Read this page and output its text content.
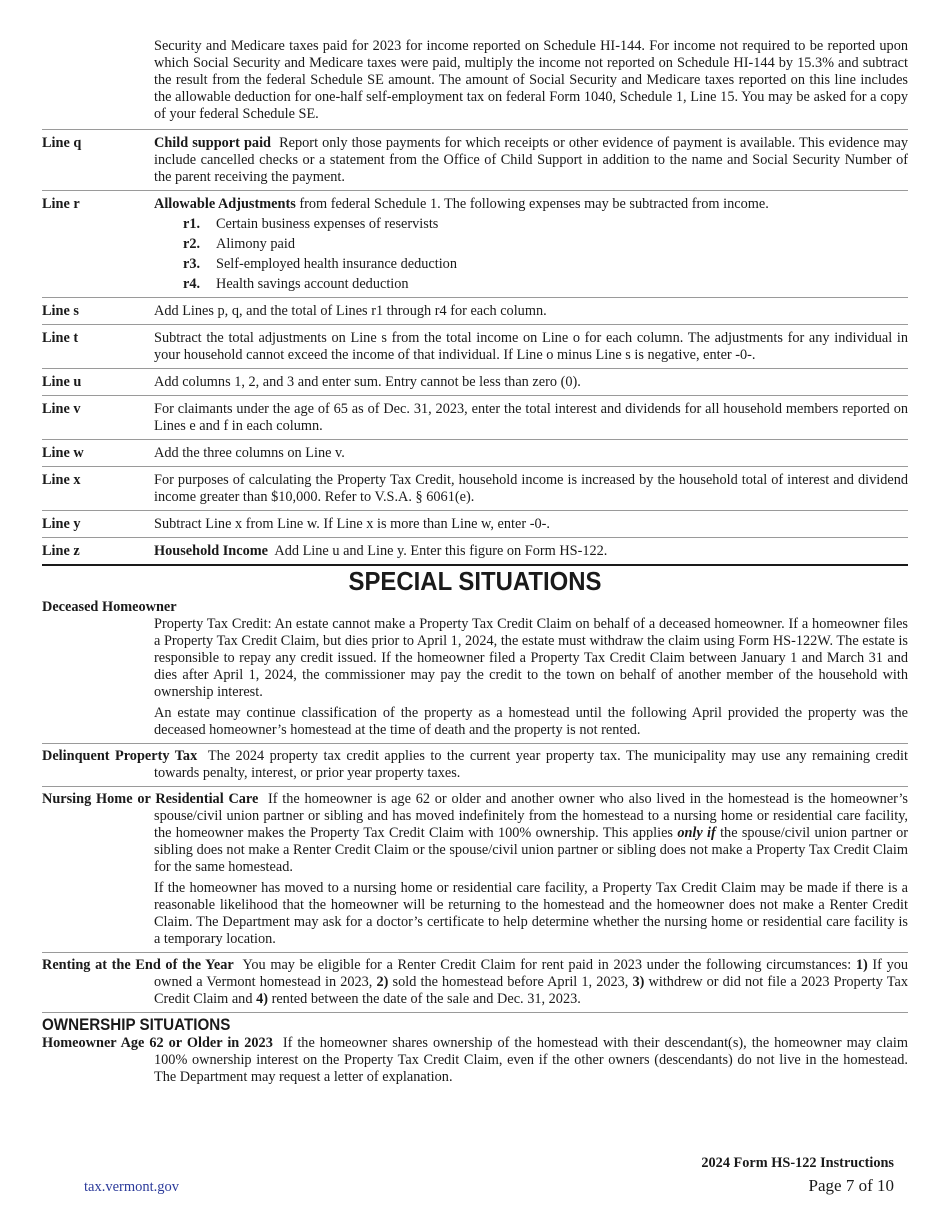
Security and Medicare taxes paid for 2023 for income reported on Schedule HI-144. For income not required to be reported upon which Social Security and Medicare taxes were paid, multiply the income not reported on Schedule HI-144 by 15.3% and subtract the result from the federal Schedule SE amount. The amount of Social Security and Medicare taxes reported on this line includes the allowable deduction for one-half self-employment tax on federal Form 1040, Schedule 1, Line 15. You may be asked for a copy of your federal Schedule SE.

Line q	Child support paid Report only those payments for which receipts or other evidence of payment is available. This evidence may include cancelled checks or a statement from the Office of Child Support in addition to the name and Social Security Number of the parent receiving the payment.

Line r	Allowable Adjustments from federal Schedule 1. The following expenses may be subtracted from income.

r1.	Certain business expenses of reservists
r2.	Alimony paid
r3.	Self-employed health insurance deduction
r4.	Health savings account deduction
Line s	Add Lines p, q, and the total of Lines r1 through r4 for each column.

Line t	Subtract the total adjustments on Line s from the total income on Line o for each column. The adjustments for any individual in your household cannot exceed the income of that individual. If Line o minus Line s is negative, enter -0-.

Line u	Add columns 1, 2, and 3 and enter sum. Entry cannot be less than zero (0).

Line v	For claimants under the age of 65 as of Dec. 31, 2023, enter the total interest and dividends for all household members reported on Lines e and f in each column.

Line w	Add the three columns on Line v.

Line x	For purposes of calculating the Property Tax Credit, household income is increased by the household total of interest and dividend income greater than $10,000. Refer to V.S.A. § 6061(e).

Line y	Subtract Line x from Line w. If Line x is more than Line w, enter -0-.

Line z	Household Income Add Line u and Line y. Enter this figure on Form HS-122.

SPECIAL SITUATIONS

Deceased Homeowner

Property Tax Credit: An estate cannot make a Property Tax Credit Claim on behalf of a deceased homeowner. If a homeowner files a Property Tax Credit Claim, but dies prior to April 1, 2024, the estate must withdraw the claim using Form HS-122W. The estate is responsible to repay any credit issued. If the homeowner filed a Property Tax Credit Claim between January 1 and March 31 and dies after April 1, 2024, the commissioner may pay the credit to the town on behalf of another member of the household with ownership interest.

An estate may continue classification of the property as a homestead until the following April provided the property was the deceased homeowner’s homestead at the time of death and the property is not rented.

Delinquent Property Tax The 2024 property tax credit applies to the current year property tax. The municipality may use any remaining credit towards penalty, interest, or prior year property taxes.

Nursing Home or Residential Care If the homeowner is age 62 or older and another owner who also lived in the homestead is the homeowner’s spouse/civil union partner or sibling and has moved indefinitely from the homestead to a nursing home or residential care facility, the homeowner makes the Property Tax Credit Claim with 100% ownership. This applies only if the spouse/civil union partner or sibling does not make a Renter Credit Claim or the spouse/civil union partner or sibling does not make a Property Tax Credit Claim for the same homestead.

If the homeowner has moved to a nursing home or residential care facility, a Property Tax Credit Claim may be made if there is a reasonable likelihood that the homeowner will be returning to the homestead and the homeowner does not make a Renter Credit Claim. The Department may ask for a doctor’s certificate to help determine whether the nursing home or residential care facility is a temporary location.

Renting at the End of the Year You may be eligible for a Renter Credit Claim for rent paid in 2023 under the following circumstances: 1) If you owned a Vermont homestead in 2023, 2) sold the homestead before April 1, 2023, 3) withdrew or did not file a 2023 Property Tax Credit Claim and 4) rented between the date of the sale and Dec. 31, 2023.

OWNERSHIP SITUATIONS

Homeowner Age 62 or Older in 2023 If the homeowner shares ownership of the homestead with their descendant(s), the homeowner may claim 100% ownership interest on the Property Tax Credit Claim, even if the other owners (descendants) do not live in the homestead. The Department may request a letter of explanation.

2024 Form HS-122 Instructions
Page 7 of 10
tax.vermont.gov
